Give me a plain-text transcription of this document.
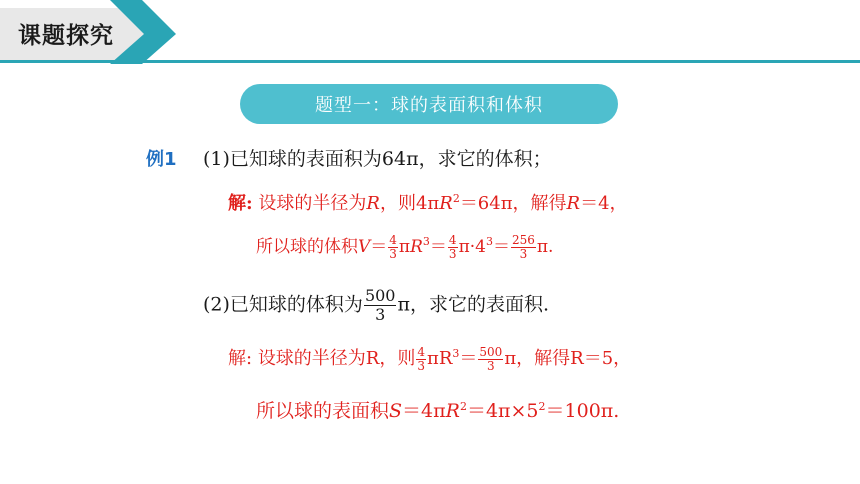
课题探究
题型一：球的表面积和体积
例1 (1)已知球的表面积为64π，求它的体积；
解: 设球的半径为R，则$4\pi R^2=64\pi$，解得R＝4，
所以球的体积$V= \frac{4}{3} \pi R^3= \frac{4}{3} \pi\cdot 4^3= \frac{256}{3} \pi$.
(2)已知球的体积为 $\frac{500}{3}$ π，求它的表面积.
解: 设球的半径为R，则 $\frac{4}{3} \pi R^3= \frac{500}{3}$ π，解得R＝5，
所以球的表面积$S=4\pi R^2=4\pi\times 5^2=100\pi$.
